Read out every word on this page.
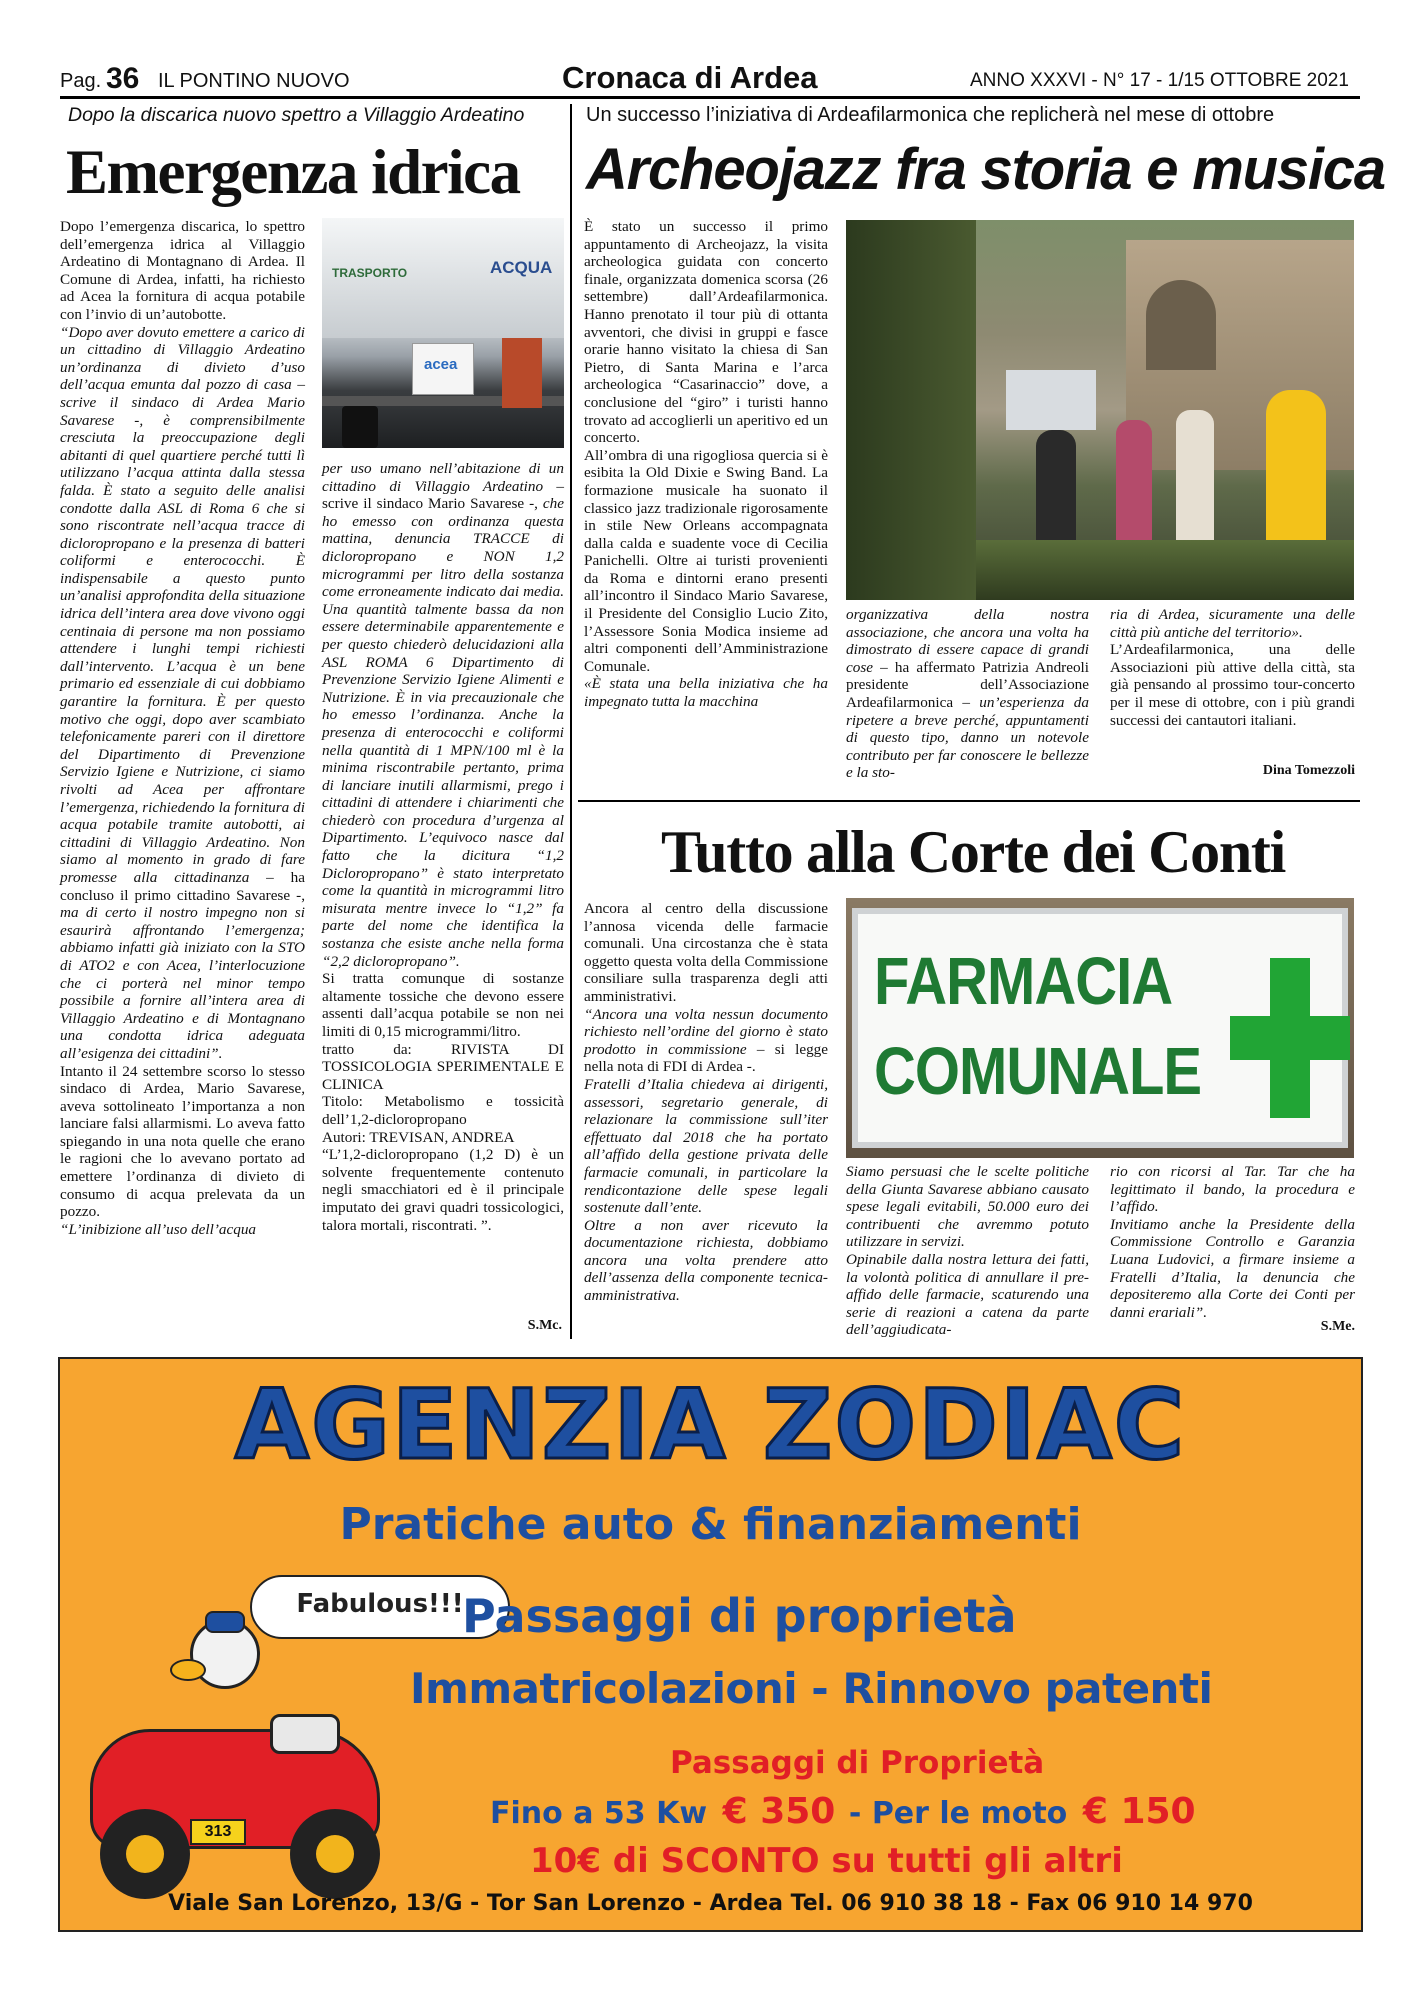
Pag. 36 IL PONTINO NUOVO	Cronaca di Ardea	ANNO XXXVI - N° 17 - 1/15 OTTOBRE 2021
Dopo la discarica nuovo spettro a Villaggio Ardeatino
Emergenza idrica

Dopo l’emergenza discarica, lo spettro dell’emergenza idrica al Villaggio Ardeatino di Montagnano di Ardea. Il Comune di Ardea, infatti, ha richiesto ad Acea la fornitura di acqua potabile con l’invio di un’autobotte.

“Dopo aver dovuto emettere a carico di un cittadino di Villaggio Ardeatino un’ordinanza di divieto d’uso dell’acqua emunta dal pozzo di casa – scrive il sindaco di Ardea Mario Savarese -, è comprensibilmente cresciuta la preoccupazione degli abitanti di quel quartiere perché tutti lì utilizzano l’acqua attinta dalla stessa falda. È stato a seguito delle analisi condotte dalla ASL di Roma 6 che si sono riscontrate nell’acqua tracce di dicloropropano e la presenza di batteri coliformi e enterococchi. È indispensabile a questo punto un’analisi approfondita della situazione idrica dell’intera area dove vivono oggi centinaia di persone ma non possiamo attendere i lunghi tempi richiesti dall’intervento. L’acqua è un bene primario ed essenziale di cui dobbiamo garantire la fornitura. È per questo motivo che oggi, dopo aver scambiato telefonicamente pareri con il direttore del Dipartimento di Prevenzione Servizio Igiene e Nutrizione, ci siamo rivolti ad Acea per affrontare l’emergenza, richiedendo la fornitura di acqua potabile tramite autobotti, ai cittadini di Villaggio Ardeatino. Non siamo al momento in grado di fare promesse alla cittadinanza – ha concluso il primo cittadino Savarese -, ma di certo il nostro impegno non si esaurirà affrontando l’emergenza; abbiamo infatti già iniziato con la STO di ATO2 e con Acea, l’interlocuzione che ci porterà nel minor tempo possibile a fornire all’intera area di Villaggio Ardeatino e di Montagnano una condotta idrica adeguata all’esigenza dei cittadini”.

Intanto il 24 settembre scorso lo stesso sindaco di Ardea, Mario Savarese, aveva sottolineato l’importanza a non lanciare falsi allarmismi. Lo aveva fatto spiegando in una nota quelle che erano le ragioni che lo avevano portato ad emettere l’ordinanza di divieto di consumo di acqua prelevata da un pozzo.

“L’inibizione all’uso dell’acqua

TRASPORTO	ACQUA
acea

per uso umano nell’abitazione di un cittadino di Villaggio Ardeatino – scrive il sindaco Mario Savarese -, che ho emesso con ordinanza questa mattina, denuncia TRACCE di dicloropropano e NON 1,2 microgrammi per litro della sostanza come erroneamente indicato dai media. Una quantità talmente bassa da non essere determinabile apparentemente e per questo chiederò delucidazioni alla ASL ROMA 6 Dipartimento di Prevenzione Servizio Igiene Alimenti e Nutrizione. È in via precauzionale che ho emesso l’ordinanza. Anche la presenza di enterococchi e coliformi nella quantità di 1 MPN/100 ml è la minima riscontrabile pertanto, prima di lanciare inutili allarmismi, prego i cittadini di attendere i chiarimenti che chiederò con procedura d’urgenza al Dipartimento. L’equivoco nasce dal fatto che la dicitura “1,2 Dicloropropano” è stato interpretato come la quantità in microgrammi litro misurata mentre invece lo “1,2” fa parte del nome che identifica la sostanza che esiste anche nella forma “2,2 dicloropropano”.

Si tratta comunque di sostanze altamente tossiche che devono essere assenti dall’acqua potabile se non nei limiti di 0,15 microgrammi/litro.

tratto da: RIVISTA DI TOSSICOLOGIA SPERIMENTALE E CLINICA

Titolo: Metabolismo e tossicità dell’1,2-dicloropropano

Autori: TREVISAN, ANDREA

“L’1,2-dicloropropano (1,2 D) è un solvente frequentemente contenuto negli smacchiatori ed è il principale imputato dei gravi quadri tossicologici, talora mortali, riscontrati. ”.

S.Mc.
Un successo l’iniziativa di Ardeafilarmonica che replicherà nel mese di ottobre
Archeojazz fra storia e musica

È stato un successo il primo appuntamento di Archeojazz, la visita archeologica guidata con concerto finale, organizzata domenica scorsa (26 settembre) dall’Ardeafilarmonica. Hanno prenotato il tour più di ottanta avventori, che divisi in gruppi e fasce orarie hanno visitato la chiesa di San Pietro, di Santa Marina e l’arca archeologica “Casarinaccio” dove, a conclusione del “giro” i turisti hanno trovato ad accoglierli un aperitivo ed un concerto.

All’ombra di una rigogliosa quercia si è esibita la Old Dixie e Swing Band. La formazione musicale ha suonato il classico jazz tradizionale rigorosamente in stile New Orleans accompagnata dalla calda e suadente voce di Cecilia Panichelli. Oltre ai turisti provenienti da Roma e dintorni erano presenti all’incontro il Sindaco Mario Savarese, il Presidente del Consiglio Lucio Zito, l’Assessore Sonia Modica insieme ad altri componenti dell’Amministrazione Comunale.

«È stata una bella iniziativa che ha impegnato tutta la macchina

organizzativa della nostra associazione, che ancora una volta ha dimostrato di essere capace di grandi cose – ha affermato Patrizia Andreoli presidente dell’Associazione Ardeafilarmonica – un’esperienza da ripetere a breve perché, appuntamenti di questo tipo, danno un notevole contributo per far conoscere le bellezze e la sto-

ria di Ardea, sicuramente una delle città più antiche del territorio».

L’Ardeafilarmonica, una delle Associazioni più attive della città, sta già pensando al prossimo tour-concerto per il mese di ottobre, con i più grandi successi dei cantautori italiani.

Dina Tomezzoli
Tutto alla Corte dei Conti

Ancora al centro della discussione l’annosa vicenda delle farmacie comunali. Una circostanza che è stata oggetto questa volta della Commissione consiliare sulla trasparenza degli atti amministrativi.

“Ancora una volta nessun documento richiesto nell’ordine del giorno è stato prodotto in commissione – si legge nella nota di FDI di Ardea -.

Fratelli d’Italia chiedeva ai dirigenti, assessori, segretario generale, di relazionare la commissione sull’iter effettuato dal 2018 che ha portato all’affido della gestione privata delle farmacie comunali, in particolare la rendicontazione delle spese legali sostenute dall’ente.

Oltre a non aver ricevuto la documentazione richiesta, dobbiamo ancora una volta prendere atto dell’assenza della componente tecnica- amministrativa.

FARMACIA
COMUNALE

Siamo persuasi che le scelte politiche della Giunta Savarese abbiano causato spese legali evitabili, 50.000 euro dei contribuenti che avremmo potuto utilizzare in servizi.

Opinabile dalla nostra lettura dei fatti, la volontà politica di annullare il pre-affido delle farmacie, scaturendo una serie di reazioni a catena da parte dell’aggiudicata-

rio con ricorsi al Tar. Tar che ha legittimato il bando, la procedura e l’affido.

Invitiamo anche la Presidente della Commissione Controllo e Garanzia Luana Ludovici, a firmare insieme a Fratelli d’Italia, la denuncia che depositeremo alla Corte dei Conti per danni erariali”.

S.Me.
AGENZIA ZODIAC
Pratiche auto & finanziamenti
Fabulous!!!
313
Passaggi di proprietà
Immatricolazioni - Rinnovo patenti
Passaggi di Proprietà
Fino a 53 Kw € 350 - Per le moto € 150
10€ di SCONTO su tutti gli altri
Viale San Lorenzo, 13/G - Tor San Lorenzo - Ardea Tel. 06 910 38 18 - Fax 06 910 14 970
